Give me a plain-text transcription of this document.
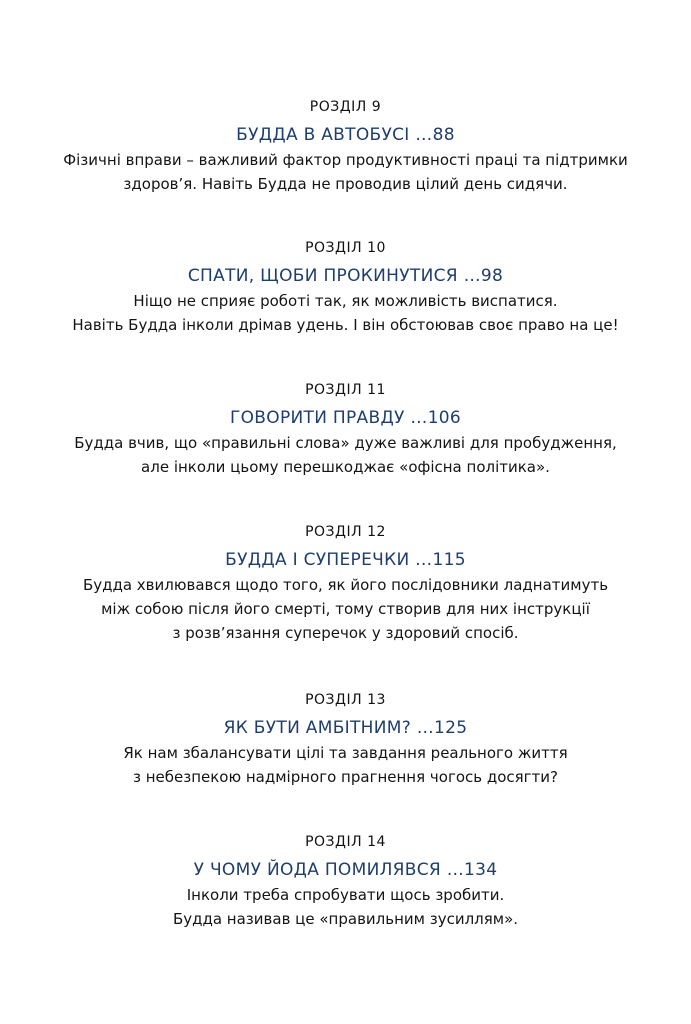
РОЗДІЛ 9
БУДДА В АВТОБУСІ …88
Фізичні вправи – важливий фактор продуктивності праці та підтримки
здоров’я. Навіть Будда не проводив цілий день сидячи.
РОЗДІЛ 10
СПАТИ, ЩОБИ ПРОКИНУТИСЯ …98
Ніщо не сприяє роботі так, як можливість виспатися.
Навіть Будда інколи дрімав удень. І він обстоював своє право на це!
РОЗДІЛ 11
ГОВОРИТИ ПРАВДУ …106
Будда вчив, що «правильні слова» дуже важливі для пробудження,
але інколи цьому перешкоджає «офісна політика».
РОЗДІЛ 12
БУДДА І СУПЕРЕЧКИ …115
Будда хвилювався щодо того, як його послідовники ладнатимуть
між собою після його смерті, тому створив для них інструкції
з розв’язання суперечок у здоровий спосіб.
РОЗДІЛ 13
ЯК БУТИ АМБІТНИМ? …125
Як нам збалансувати цілі та завдання реального життя
з небезпекою надмірного прагнення чогось досягти?
РОЗДІЛ 14
У ЧОМУ ЙОДА ПОМИЛЯВСЯ …134
Інколи треба спробувати щось зробити.
Будда називав це «правильним зусиллям».
